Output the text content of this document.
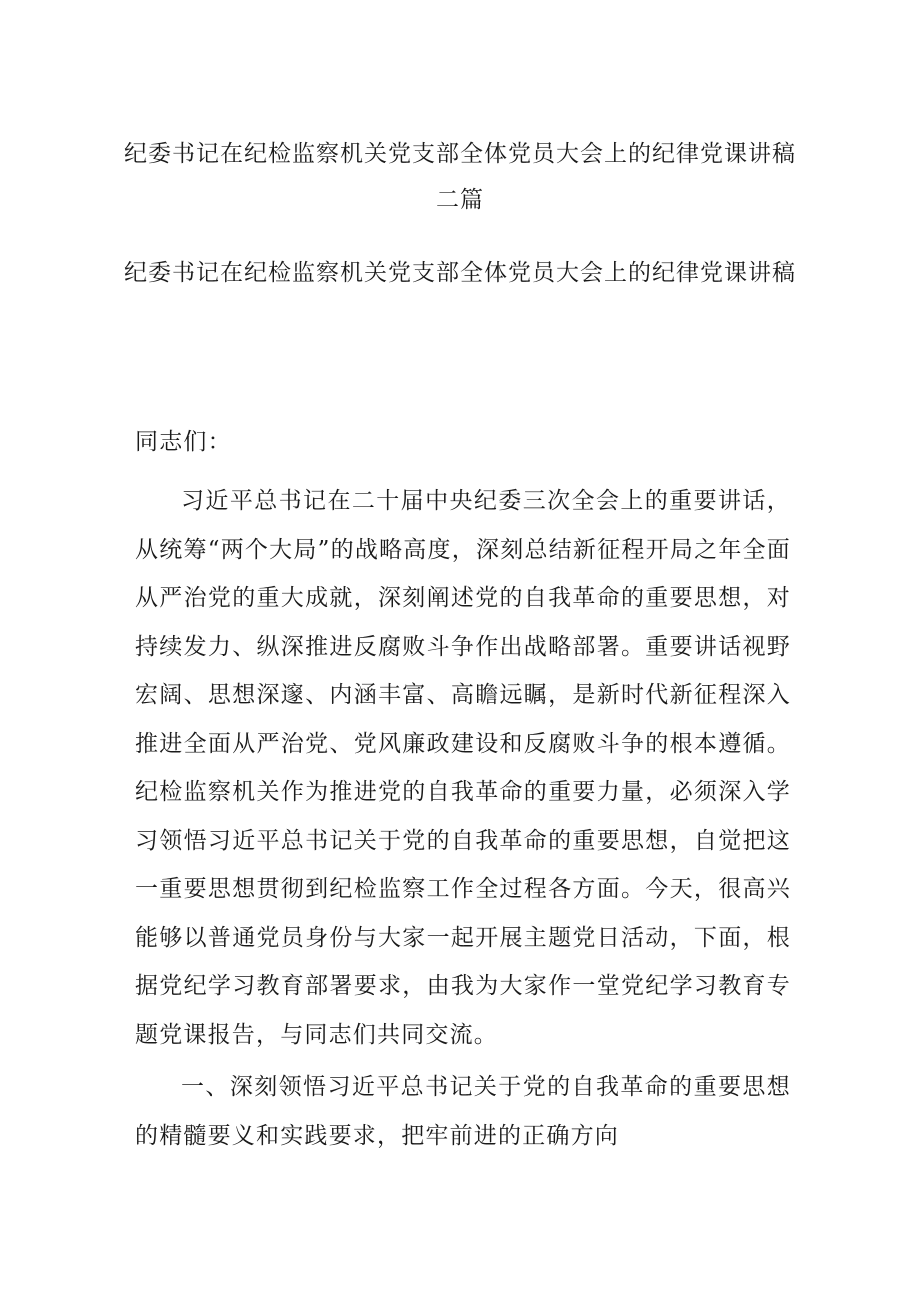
纪委书记在纪检监察机关党支部全体党员大会上的纪律党课讲稿二篇
纪委书记在纪检监察机关党支部全体党员大会上的纪律党课讲稿

同志们：

习近平总书记在二十届中央纪委三次全会上的重要讲话，从统筹“两个大局”的战略高度，深刻总结新征程开局之年全面从严治党的重大成就，深刻阐述党的自我革命的重要思想，对持续发力、纵深推进反腐败斗争作出战略部署。重要讲话视野宏阔、思想深邃、内涵丰富、高瞻远瞩，是新时代新征程深入推进全面从严治党、党风廉政建设和反腐败斗争的根本遵循。纪检监察机关作为推进党的自我革命的重要力量，必须深入学习领悟习近平总书记关于党的自我革命的重要思想，自觉把这一重要思想贯彻到纪检监察工作全过程各方面。今天，很高兴能够以普通党员身份与大家一起开展主题党日活动，下面，根据党纪学习教育部署要求，由我为大家作一堂党纪学习教育专题党课报告，与同志们共同交流。

一、深刻领悟习近平总书记关于党的自我革命的重要思想的精髓要义和实践要求，把牢前进的正确方向
